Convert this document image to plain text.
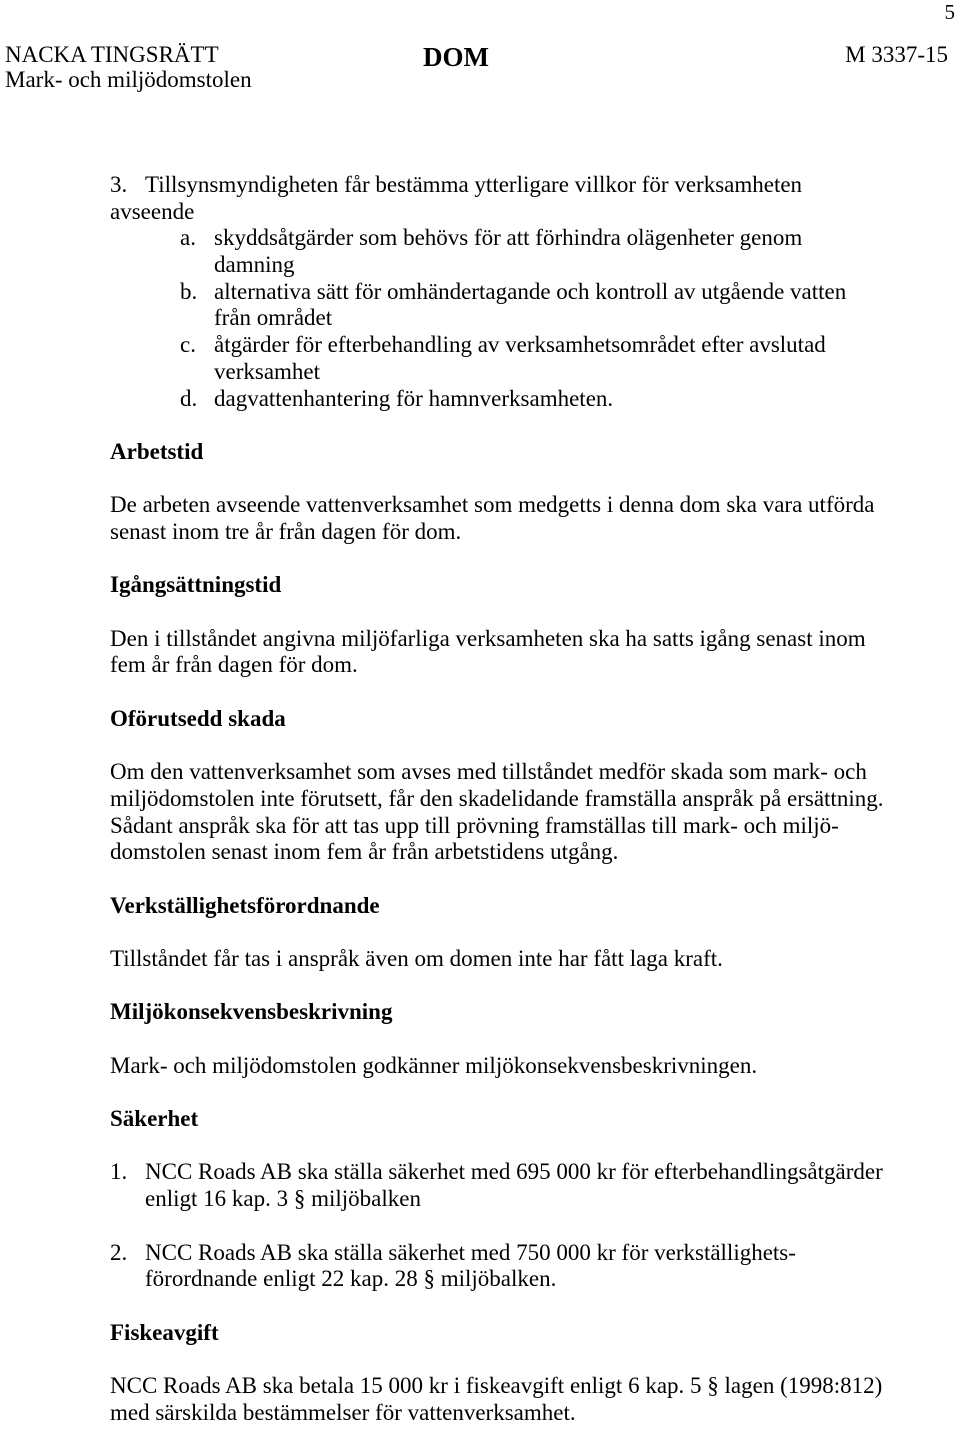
5
NACKA TINGSRÄTT
Mark- och miljödomstolen
DOM	M 3337-15
3. Tillsynsmyndigheten får bestämma ytterligare villkor för verksamheten
avseende
a. skyddsåtgärder som behövs för att förhindra olägenheter genom
damning
b. alternativa sätt för omhändertagande och kontroll av utgående vatten
från området
c. åtgärder för efterbehandling av verksamhetsområdet efter avslutad
verksamhet
d. dagvattenhantering för hamnverksamheten.
Arbetstid
De arbeten avseende vattenverksamhet som medgetts i denna dom ska vara utförda
senast inom tre år från dagen för dom.
Igångsättningstid
Den i tillståndet angivna miljöfarliga verksamheten ska ha satts igång senast inom
fem år från dagen för dom.
Oförutsedd skada
Om den vattenverksamhet som avses med tillståndet medför skada som mark- och
miljödomstolen inte förutsett, får den skadelidande framställa anspråk på ersättning.
Sådant anspråk ska för att tas upp till prövning framställas till mark- och miljö-
domstolen senast inom fem år från arbetstidens utgång.
Verkställighetsförordnande
Tillståndet får tas i anspråk även om domen inte har fått laga kraft.
Miljökonsekvensbeskrivning
Mark- och miljödomstolen godkänner miljökonsekvensbeskrivningen.
Säkerhet
1. NCC Roads AB ska ställa säkerhet med 695 000 kr för efterbehandlingsåtgärder
enligt 16 kap. 3 § miljöbalken
2. NCC Roads AB ska ställa säkerhet med 750 000 kr för verkställighets-
förordnande enligt 22 kap. 28 § miljöbalken.
Fiskeavgift
NCC Roads AB ska betala 15 000 kr i fiskeavgift enligt 6 kap. 5 § lagen (1998:812)
med särskilda bestämmelser för vattenverksamhet.
